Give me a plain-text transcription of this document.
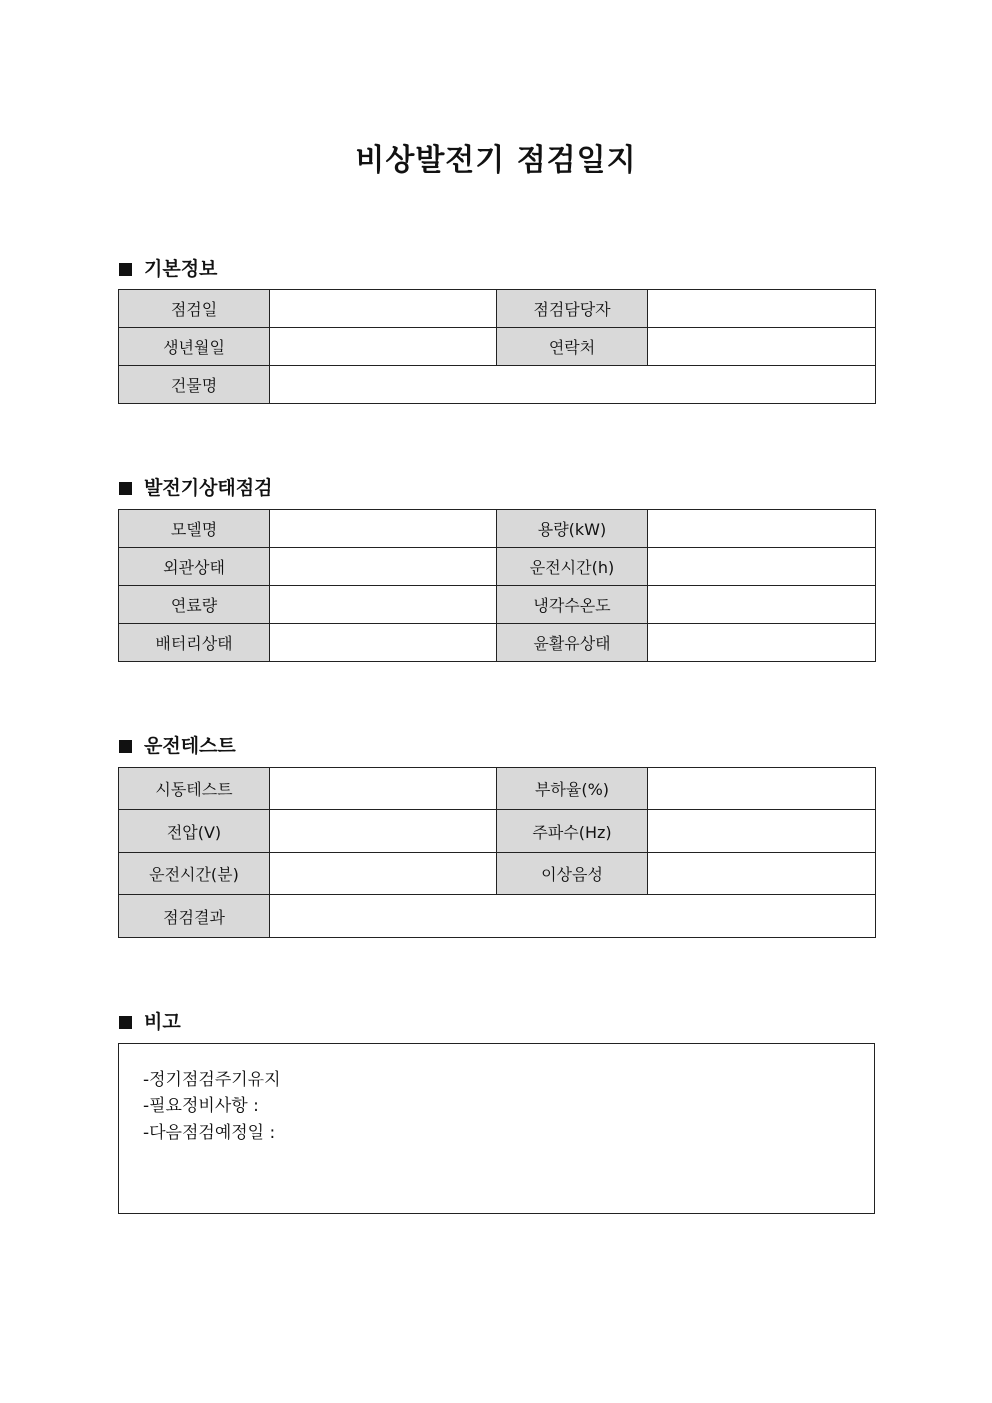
비상발전기 점검일지
기본정보
점검일		점검담당자	
생년월일		연락처	
건물명			
발전기상태점검
모델명		용량(kW)	
외관상태		운전시간(h)	
연료량		냉각수온도	
배터리상태		윤활유상태	
운전테스트
시동테스트		부하율(%)	
전압(V)		주파수(Hz)	
운전시간(분)		이상음성	
점검결과			
비고
-정기점검주기유지
-필요정비사항 :
-다음점검예정일 :
